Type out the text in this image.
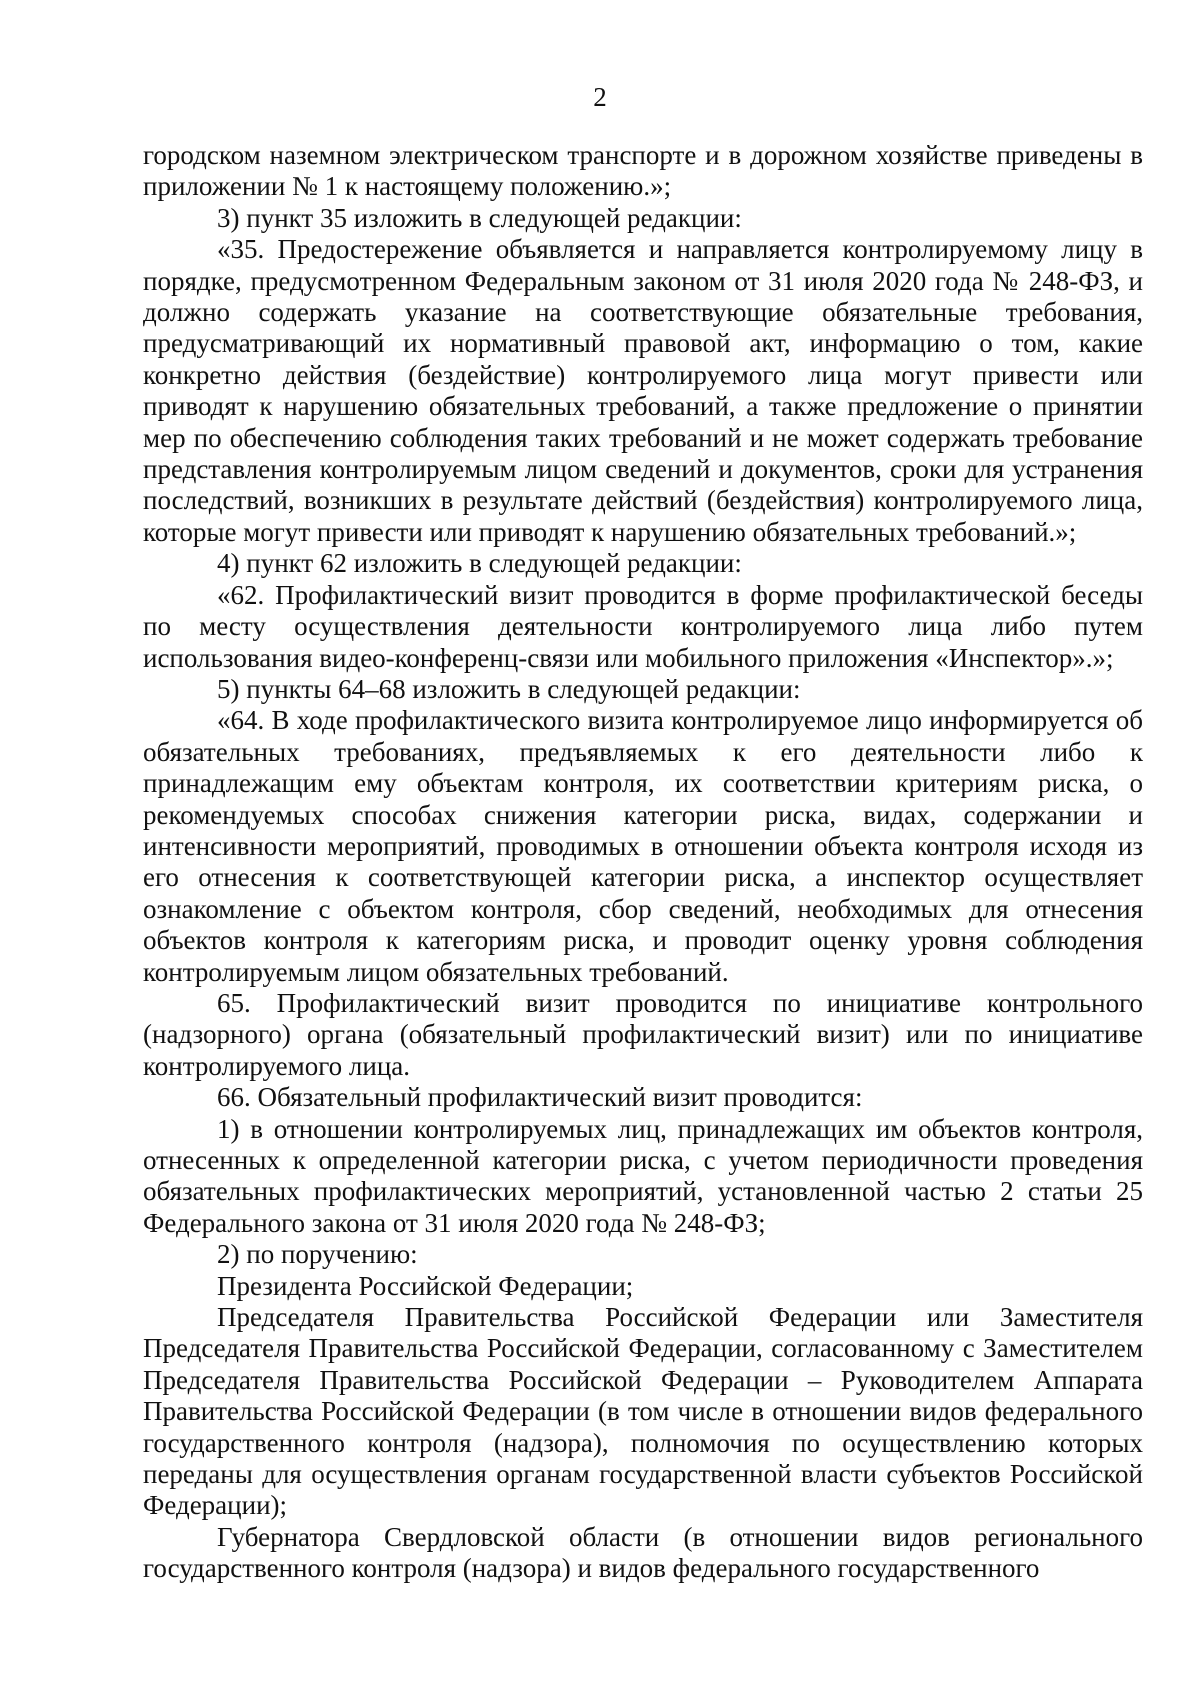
2

городском наземном электрическом транспорте и в дорожном хозяйстве приведены в приложении № 1 к настоящему положению.»;

3) пункт 35 изложить в следующей редакции:

«35. Предостережение объявляется и направляется контролируемому лицу в порядке, предусмотренном Федеральным законом от 31 июля 2020 года № 248-ФЗ, и должно содержать указание на соответствующие обязательные требования, предусматривающий их нормативный правовой акт, информацию о том, какие конкретно действия (бездействие) контролируемого лица могут привести или приводят к нарушению обязательных требований, а также предложение о принятии мер по обеспечению соблюдения таких требований и не может содержать требование представления контролируемым лицом сведений и документов, сроки для устранения последствий, возникших в результате действий (бездействия) контролируемого лица, которые могут привести или приводят к нарушению обязательных требований.»;

4) пункт 62 изложить в следующей редакции:

«62. Профилактический визит проводится в форме профилактической беседы по месту осуществления деятельности контролируемого лица либо путем использования видео-конференц-связи или мобильного приложения «Инспектор».»;

5) пункты 64–68 изложить в следующей редакции:

«64. В ходе профилактического визита контролируемое лицо информируется об обязательных требованиях, предъявляемых к его деятельности либо к принадлежащим ему объектам контроля, их соответствии критериям риска, о рекомендуемых способах снижения категории риска, видах, содержании и интенсивности мероприятий, проводимых в отношении объекта контроля исходя из его отнесения к соответствующей категории риска, а инспектор осуществляет ознакомление с объектом контроля, сбор сведений, необходимых для отнесения объектов контроля к категориям риска, и проводит оценку уровня соблюдения контролируемым лицом обязательных требований.

65. Профилактический визит проводится по инициативе контрольного (надзорного) органа (обязательный профилактический визит) или по инициативе контролируемого лица.

66. Обязательный профилактический визит проводится:

1) в отношении контролируемых лиц, принадлежащих им объектов контроля, отнесенных к определенной категории риска, с учетом периодичности проведения обязательных профилактических мероприятий, установленной частью 2 статьи 25 Федерального закона от 31 июля 2020 года № 248-ФЗ;

2) по поручению:

Президента Российской Федерации;

Председателя Правительства Российской Федерации или Заместителя Председателя Правительства Российской Федерации, согласованному с Заместителем Председателя Правительства Российской Федерации – Руководителем Аппарата Правительства Российской Федерации (в том числе в отношении видов федерального государственного контроля (надзора), полномочия по осуществлению которых переданы для осуществления органам государственной власти субъектов Российской Федерации);

Губернатора Свердловской области (в отношении видов регионального государственного контроля (надзора) и видов федерального государственного
